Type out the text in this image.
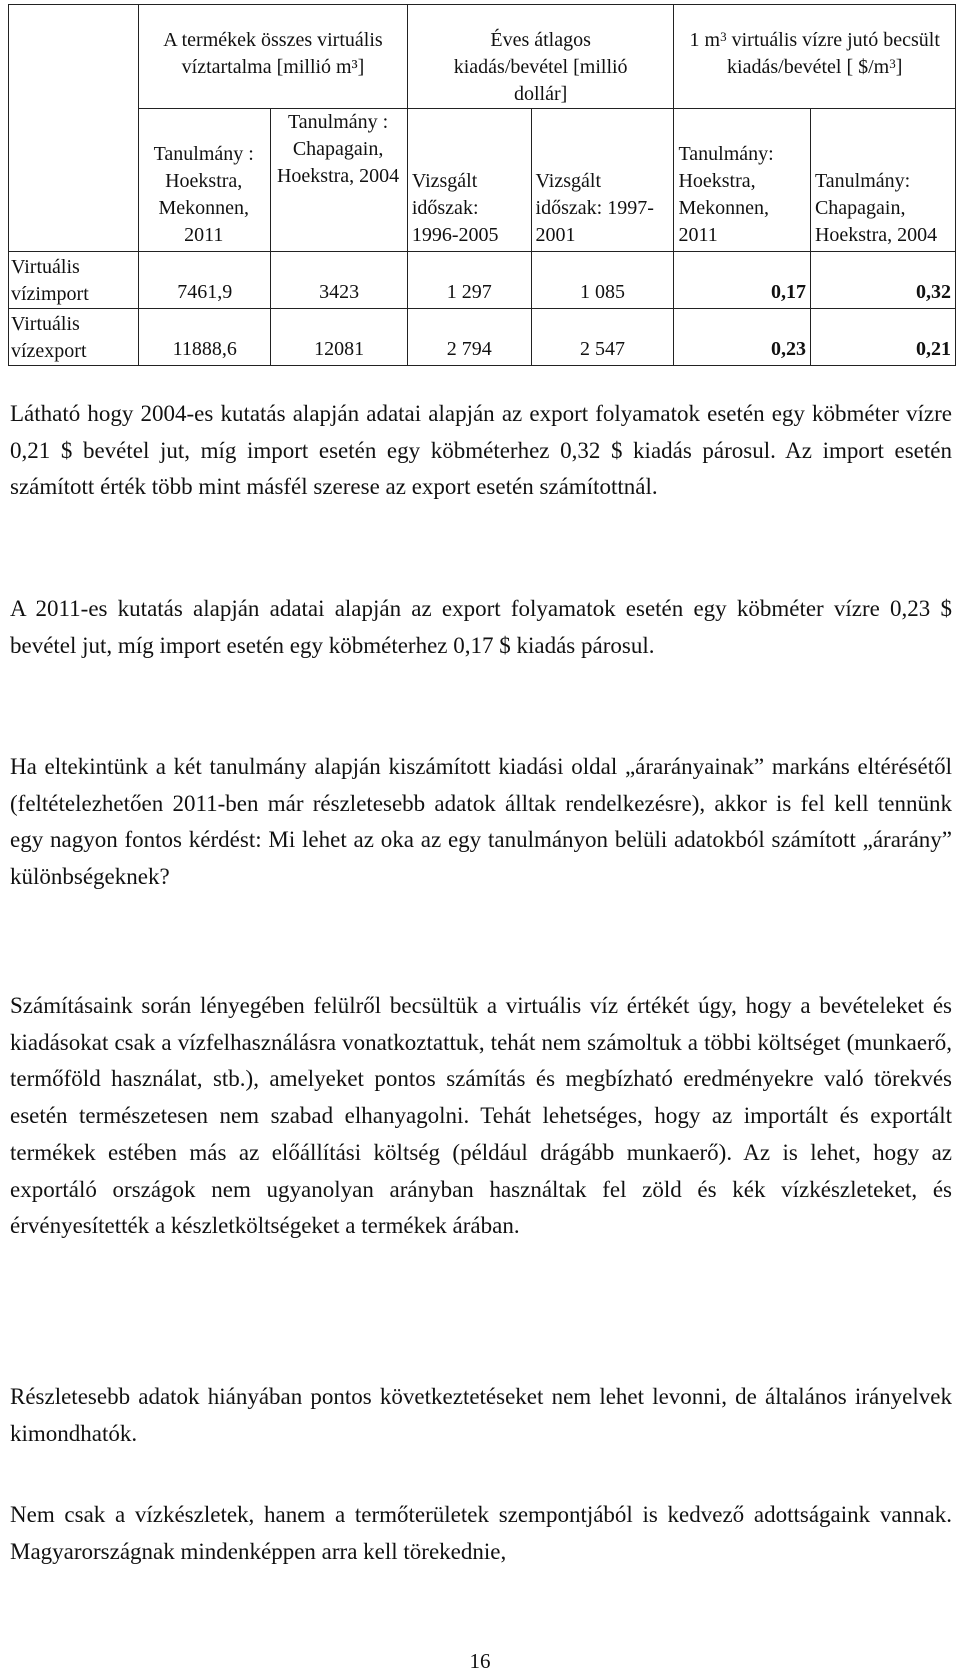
	A termékek összes virtuális víztartalma [millió m³]		Éves átlagos kiadás/bevétel [millió dollár]		1 $m^3$ virtuális vízre jutó becsült kiadás/bevétel [ $\$/m^3$]	
	Tanulmány : Hoekstra, Mekonnen, 2011	Tanulmány : Chapagain, Hoekstra, 2004	Vizsgált időszak: 1996-2005	Vizsgált időszak: 1997-2001	Tanulmány: Hoekstra, Mekonnen, 2011	Tanulmány: Chapagain, Hoekstra, 2004

Virtuális
vízimport	7461,9	3423	1 297	1 085	0,17	0,32

Virtuális
vízexport	11888,6	12081	2 794	2 547	0,23	0,21

Látható hogy 2004-es kutatás alapján adatai alapján az export folyamatok esetén egy köbméter vízre 0,21 $ bevétel jut, míg import esetén egy köbméterhez 0,32 $ kiadás párosul. Az import esetén számított érték több mint másfél szerese az export esetén számítottnál.

A 2011-es kutatás alapján adatai alapján az export folyamatok esetén egy köbméter vízre 0,23 $ bevétel jut, míg import esetén egy köbméterhez 0,17 $ kiadás párosul.

Ha eltekintünk a két tanulmány alapján kiszámított kiadási oldal „árarányainak” markáns eltérésétől (feltételezhetően 2011-ben már részletesebb adatok álltak rendelkezésre), akkor is fel kell tennünk egy nagyon fontos kérdést: Mi lehet az oka az egy tanulmányon belüli adatokból számított „árarány” különbségeknek?

Számításaink során lényegében felülről becsültük a virtuális víz értékét úgy, hogy a bevételeket és kiadásokat csak a vízfelhasználásra vonatkoztattuk, tehát nem számoltuk a többi költséget (munkaerő, termőföld használat, stb.), amelyeket pontos számítás és megbízható eredményekre való törekvés esetén természetesen nem szabad elhanyagolni. Tehát lehetséges, hogy az importált és exportált termékek estében más az előállítási költség (például drágább munkaerő). Az is lehet, hogy az exportáló országok nem ugyanolyan arányban használtak fel zöld és kék vízkészleteket, és érvényesítették a készletköltségeket a termékek árában.

Részletesebb adatok hiányában pontos következtetéseket nem lehet levonni, de általános irányelvek kimondhatók.

Nem csak a vízkészletek, hanem a termőterületek szempontjából is kedvező adottságaink vannak. Magyarországnak mindenképpen arra kell törekednie,

16
